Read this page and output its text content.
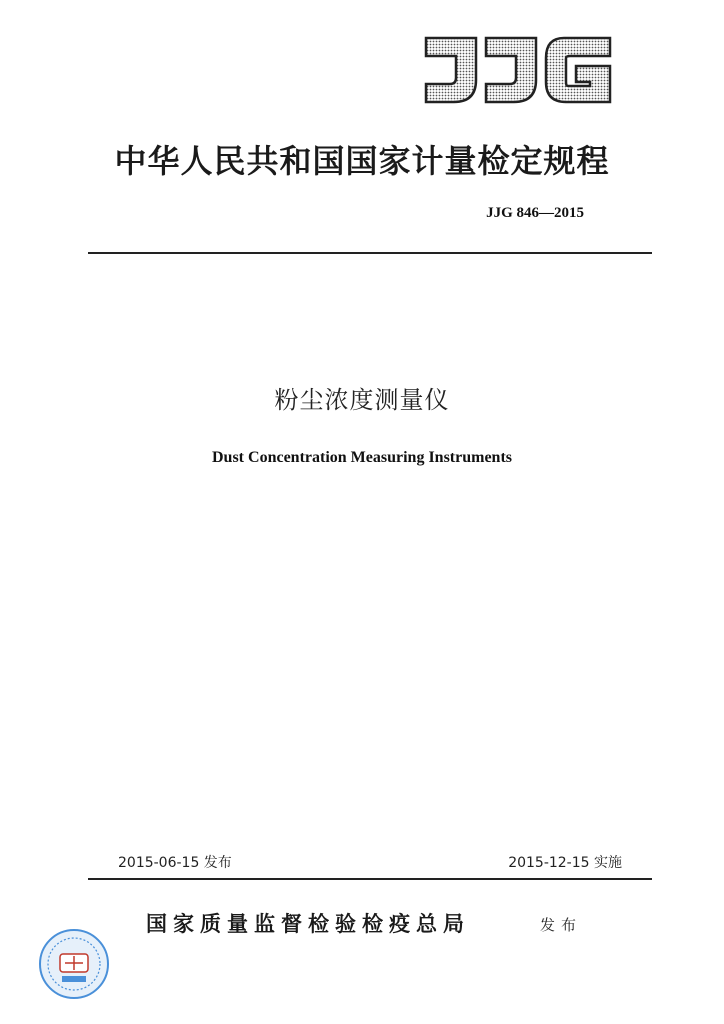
中华人民共和国国家计量检定规程
JJG 846—2015
粉尘浓度测量仪
Dust Concentration Measuring Instruments
2015-06-15 发布	2015-12-15 实施
国家质量监督检验检疫总局	发布
